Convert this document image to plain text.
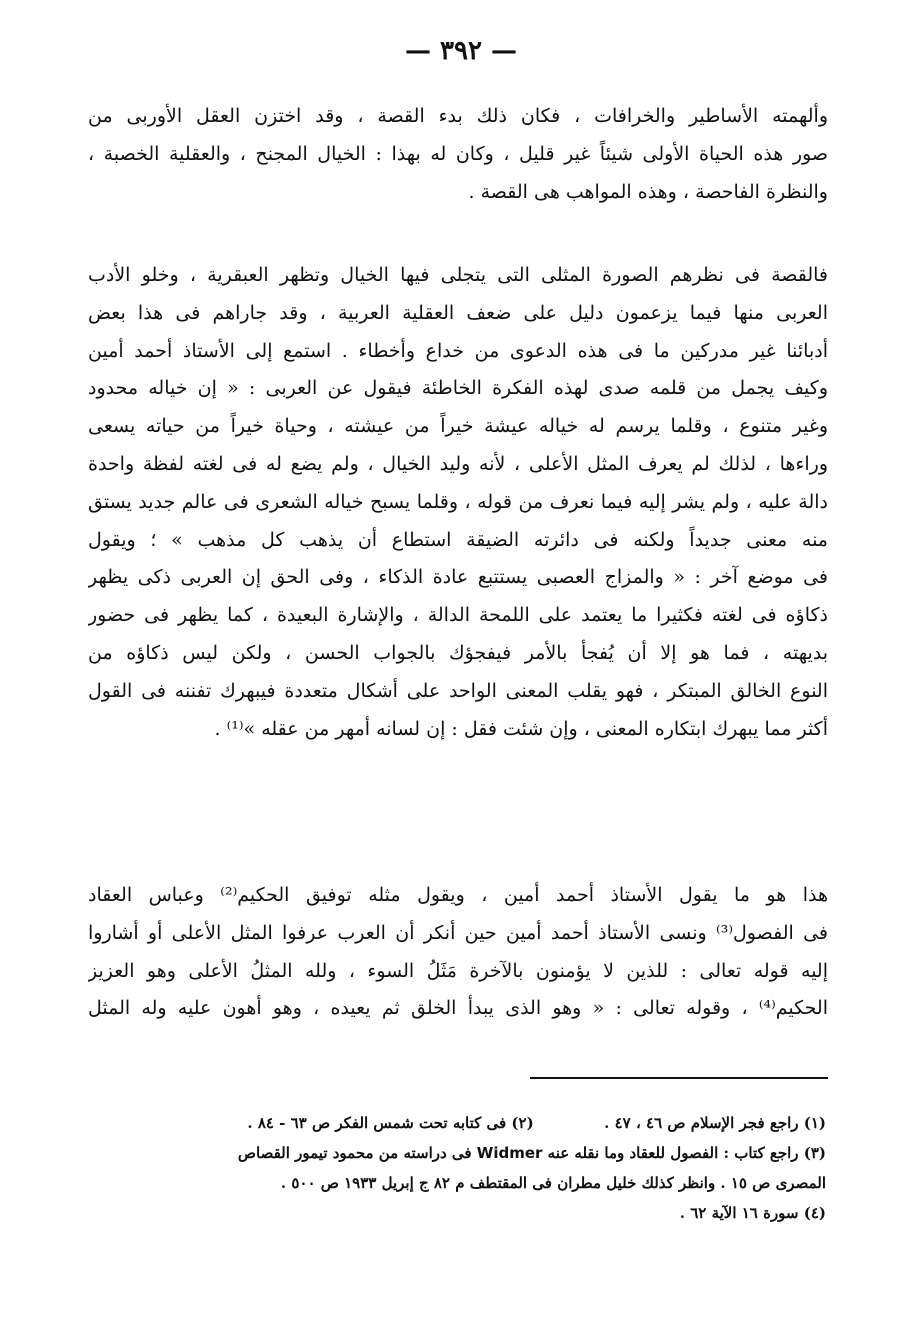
— ٣٩٢ —
وألهمته الأساطير والخرافات ، فكان ذلك بدء القصة ، وقد اختزن العقل الأوربى من
صور هذه الحياة الأولى شيئاً غير قليل ، وكان له بهذا : الخيال المجنح ، والعقلية الخصبة ،
والنظرة الفاحصة ، وهذه المواهب هى القصة .
فالقصة فى نظرهم الصورة المثلى التى يتجلى فيها الخيال وتظهر العبقرية ، وخلو الأدب
العربى منها فيما يزعمون دليل على ضعف العقلية العربية ، وقد جاراهم فى هذا بعض
أدبائنا غير مدركين ما فى هذه الدعوى من خداع وأخطاء . استمع إلى الأستاذ أحمد أمين
وكيف يجمل من قلمه صدى لهذه الفكرة الخاطئة فيقول عن العربى : « إن خياله محدود
وغير متنوع ، وقلما يرسم له خياله عيشة خيراً من عيشته ، وحياة خيراً من حياته يسعى
وراءها ، لذلك لم يعرف المثل الأعلى ، لأنه وليد الخيال ، ولم يضع له فى لغته لفظة واحدة
دالة عليه ، ولم يشر إليه فيما نعرف من قوله ، وقلما يسبح خياله الشعرى فى عالم جديد يستق
منه معنى جديداً ولكنه فى دائرته الضيقة استطاع أن يذهب كل مذهب » ؛ ويقول
فى موضع آخر : « والمزاج العصبى يستتبع عادة الذكاء ، وفى الحق إن العربى ذكى يظهر
ذكاؤه فى لغته فكثيرا ما يعتمد على اللمحة الدالة ، والإشارة البعيدة ، كما يظهر فى حضور
بديهته ، فما هو إلا أن يُفجأ بالأمر فيفجؤك بالجواب الحسن ، ولكن ليس ذكاؤه من
النوع الخالق المبتكر ، فهو يقلب المعنى الواحد على أشكال متعددة فيبهرك تفننه فى القول
أكثر مما يبهرك ابتكاره المعنى ، وإن شئت فقل : إن لسانه أمهر من عقله »⁽¹⁾ .
هذا هو ما يقول الأستاذ أحمد أمين ، ويقول مثله توفيق الحكيم⁽²⁾ وعباس العقاد
فى الفصول⁽³⁾ ونسى الأستاذ أحمد أمين حين أنكر أن العرب عرفوا المثل الأعلى أو أشاروا
إليه قوله تعالى : للذين لا يؤمنون بالآخرة مَثَلُ السوء ، ولله المثلُ الأعلى وهو العزيز
الحكيم⁽⁴⁾ ، وقوله تعالى : « وهو الذى يبدأ الخلق ثم يعيده ، وهو أهون عليه وله المثل
(١) راجع فجر الإسلام ص ٤٦ ، ٤٧ .  (٢) فى كتابه تحت شمس الفكر ص ٦٣ - ٨٤ .
(٣) راجع كتاب : الفصول للعقاد وما نقله عنه Widmer فى دراسته من محمود تيمور القصاص
المصرى ص ١٥ . وانظر كذلك خليل مطران فى المقتطف م ٨٢ ج إبريل ١٩٣٣ ص ٥٠٠ .
(٤) سورة ١٦ الآية ٦٢ .
